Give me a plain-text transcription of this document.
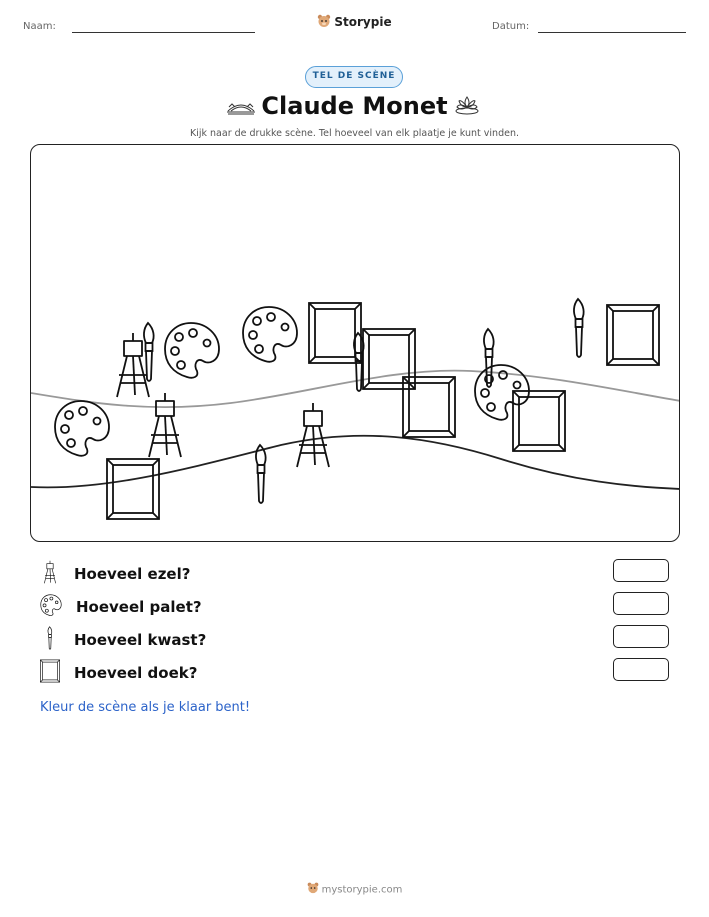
Naam:	Storypie	Datum:
TEL DE SCÈNE
Claude Monet
Kijk naar de drukke scène. Tel hoeveel van elk plaatje je kunt vinden.
Hoeveel ezel?
Hoeveel palet?
Hoeveel kwast?
Hoeveel doek?
Kleur de scène als je klaar bent!
mystorypie.com
